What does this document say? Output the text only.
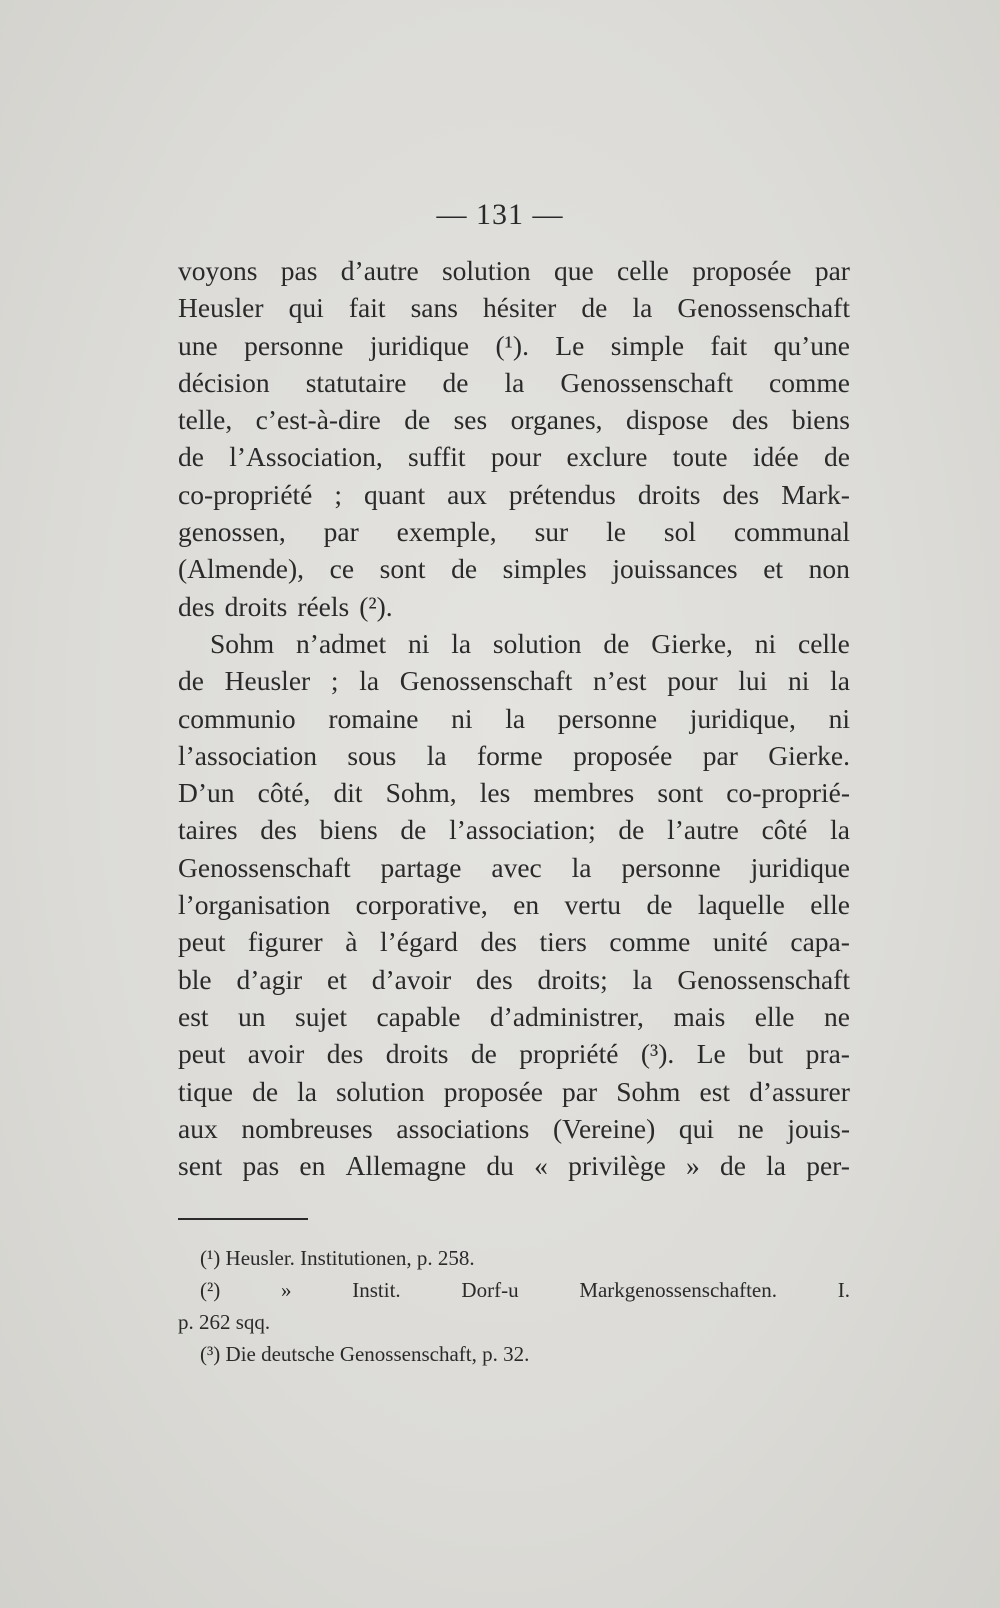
— 131 —
voyons pas d’autre solution que celle proposée par
Heusler qui fait sans hésiter de la Genossenschaft
une personne juridique (¹). Le simple fait qu’une
décision statutaire de la Genossenschaft comme
telle, c’est-à-dire de ses organes, dispose des biens
de l’Association, suffit pour exclure toute idée de
co-propriété ; quant aux prétendus droits des Mark-
genossen, par exemple, sur le sol communal
(Almende), ce sont de simples jouissances et non
des droits réels (²).
Sohm n’admet ni la solution de Gierke, ni celle
de Heusler ; la Genossenschaft n’est pour lui ni la
communio romaine ni la personne juridique, ni
l’association sous la forme proposée par Gierke.
D’un côté, dit Sohm, les membres sont co-proprié-
taires des biens de l’association; de l’autre côté la
Genossenschaft partage avec la personne juridique
l’organisation corporative, en vertu de laquelle elle
peut figurer à l’égard des tiers comme unité capa-
ble d’agir et d’avoir des droits; la Genossenschaft
est un sujet capable d’administrer, mais elle ne
peut avoir des droits de propriété (³). Le but pra-
tique de la solution proposée par Sohm est d’assurer
aux nombreuses associations (Vereine) qui ne jouis-
sent pas en Allemagne du « privilège » de la per-
(¹) Heusler. Institutionen, p. 258.
(²)	»	Instit.	Dorf-u	Markgenossenschaften.	I.
p. 262 sqq.
(³) Die deutsche Genossenschaft, p. 32.
